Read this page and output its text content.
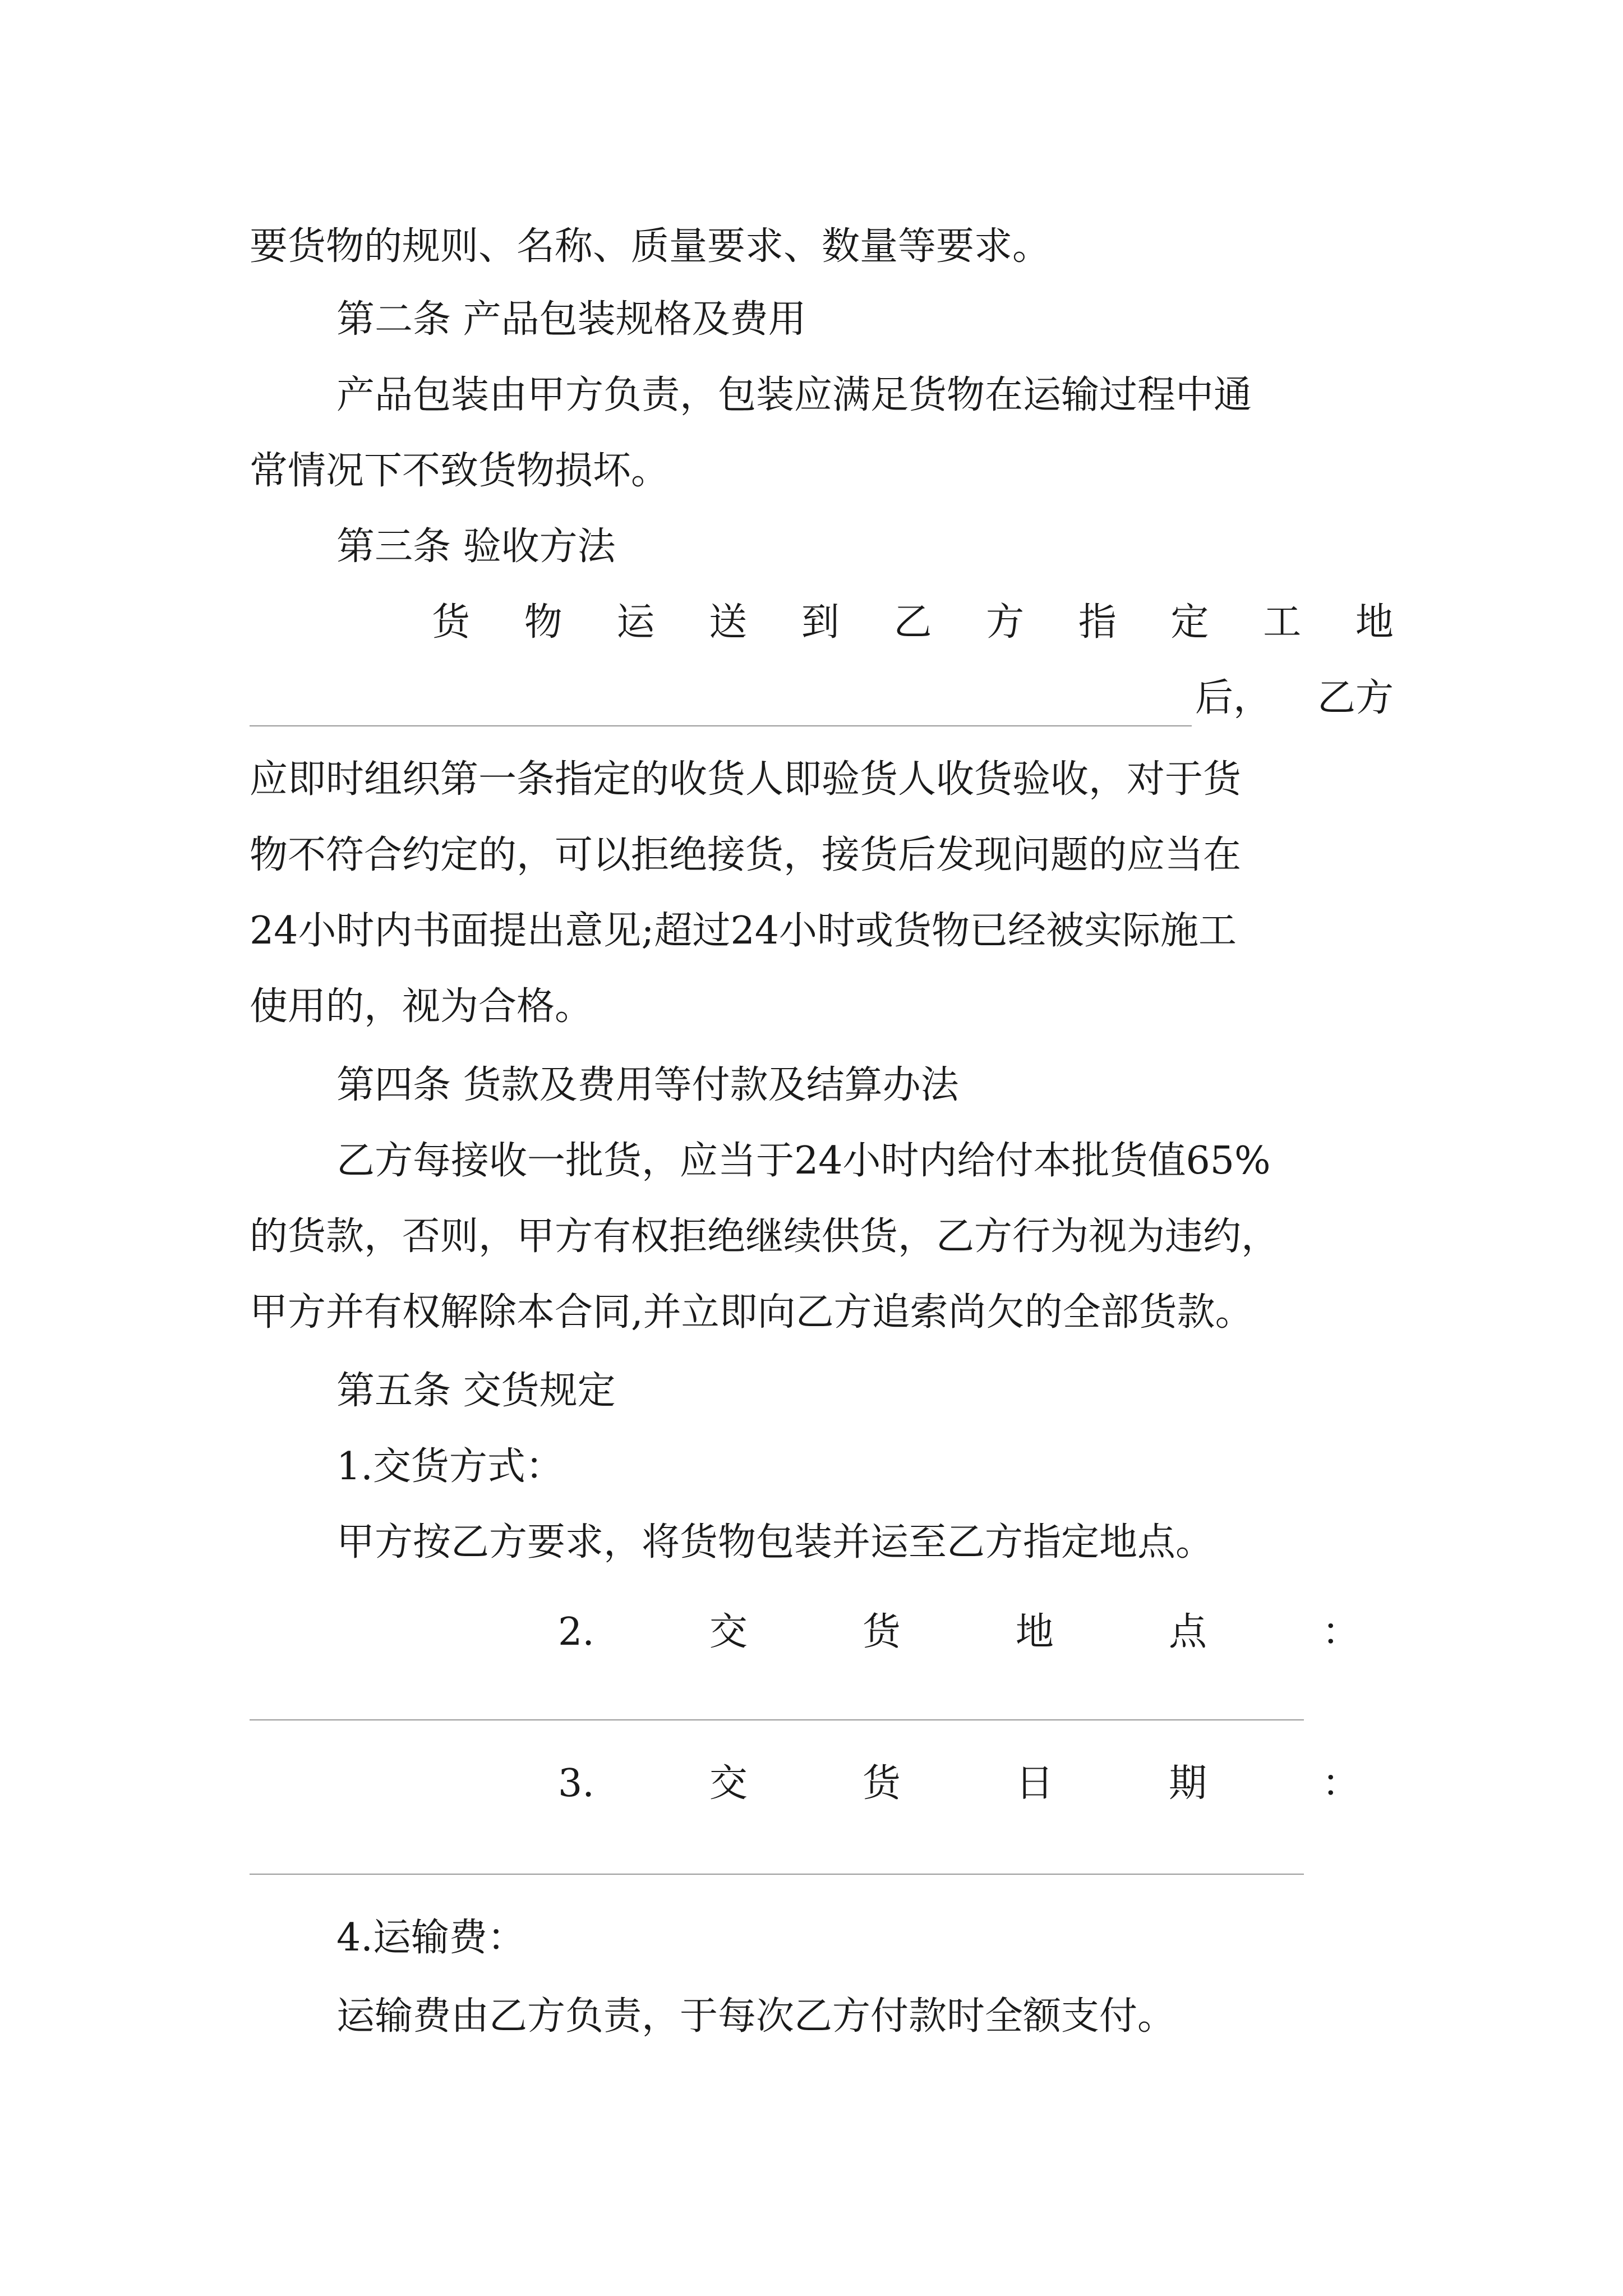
要货物的规则、名称、质量要求、数量等要求。
第二条 产品包装规格及费用
产品包装由甲方负责，包装应满足货物在运输过程中通
常情况下不致货物损坏。
第三条 验收方法
货 物 运 送 到 乙 方 指 定 工 地
后， 乙方
应即时组织第一条指定的收货人即验货人收货验收，对于货
物不符合约定的，可以拒绝接货，接货后发现问题的应当在
24小时内书面提出意见;超过24小时或货物已经被实际施工
使用的，视为合格。
第四条 货款及费用等付款及结算办法
乙方每接收一批货，应当于24小时内给付本批货值65%
的货款，否则，甲方有权拒绝继续供货，乙方行为视为违约，
甲方并有权解除本合同,并立即向乙方追索尚欠的全部货款。
第五条 交货规定
1.交货方式：
甲方按乙方要求，将货物包装并运至乙方指定地点。
2.	交	货	地	点	：
3.	交	货	日	期	：
4.运输费：
运输费由乙方负责，于每次乙方付款时全额支付。
